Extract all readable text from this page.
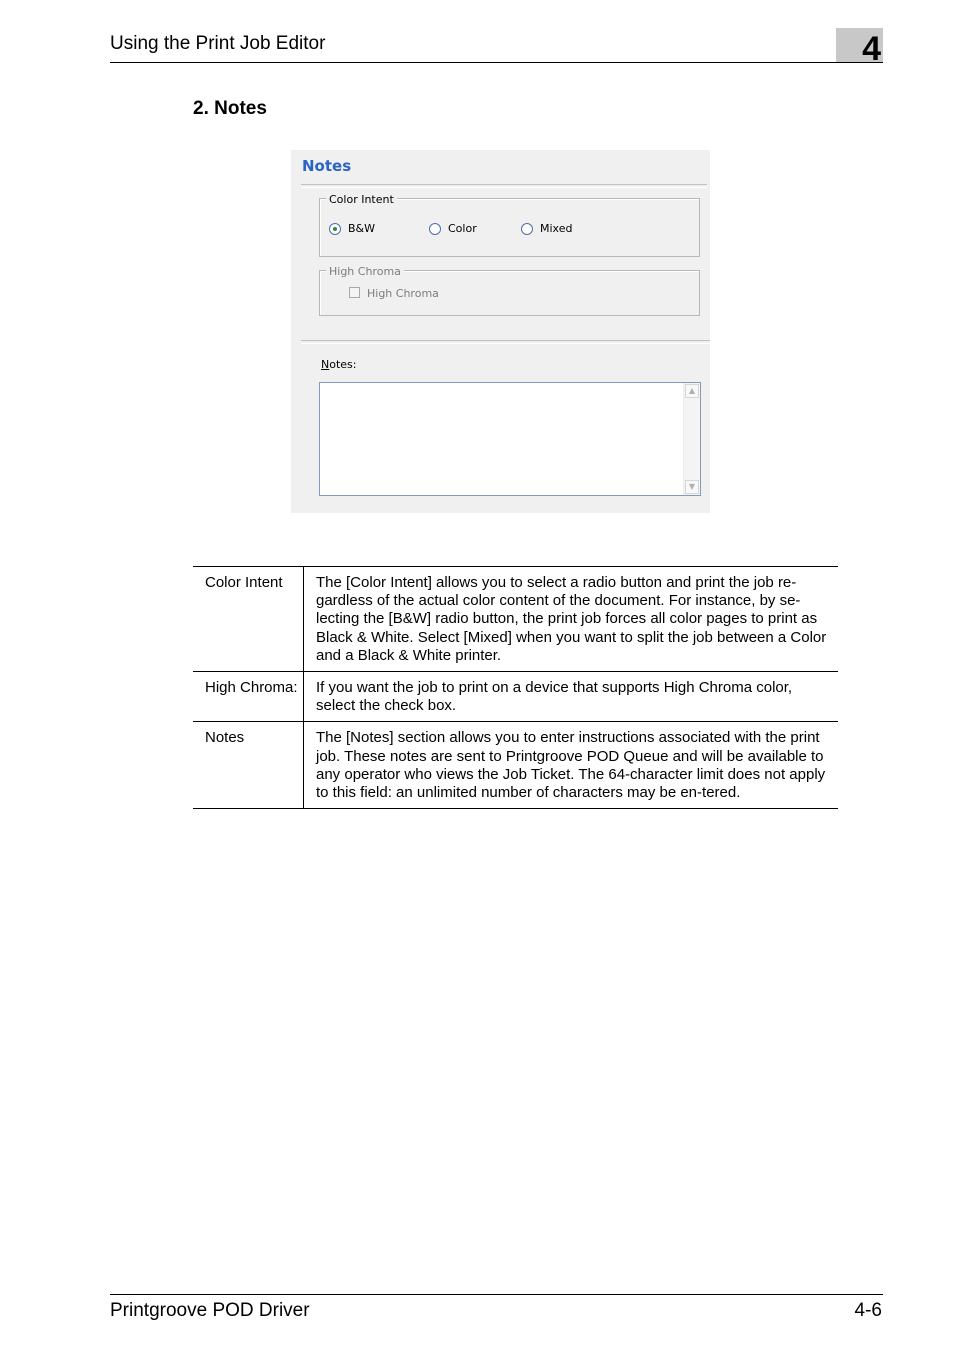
Using the Print Job Editor	4
2. Notes
Notes
Color Intent
B&W	Color	Mixed
High Chroma
High Chroma
Notes:
▲
▼
Color Intent	The [Color Intent] allows you to select a radio button and print the job re-gardless of the actual color content of the document. For instance, by se-lecting the [B&W] radio button, the print job forces all color pages to print as Black & White. Select [Mixed] when you want to split the job between a Color and a Black & White printer.
High Chroma:	If you want the job to print on a device that supports High Chroma color, select the check box.
Notes	The [Notes] section allows you to enter instructions associated with the print job. These notes are sent to Printgroove POD Queue and will be available to any operator who views the Job Ticket. The 64-character limit does not apply to this field: an unlimited number of characters may be en-tered.
Printgroove POD Driver	4-6
